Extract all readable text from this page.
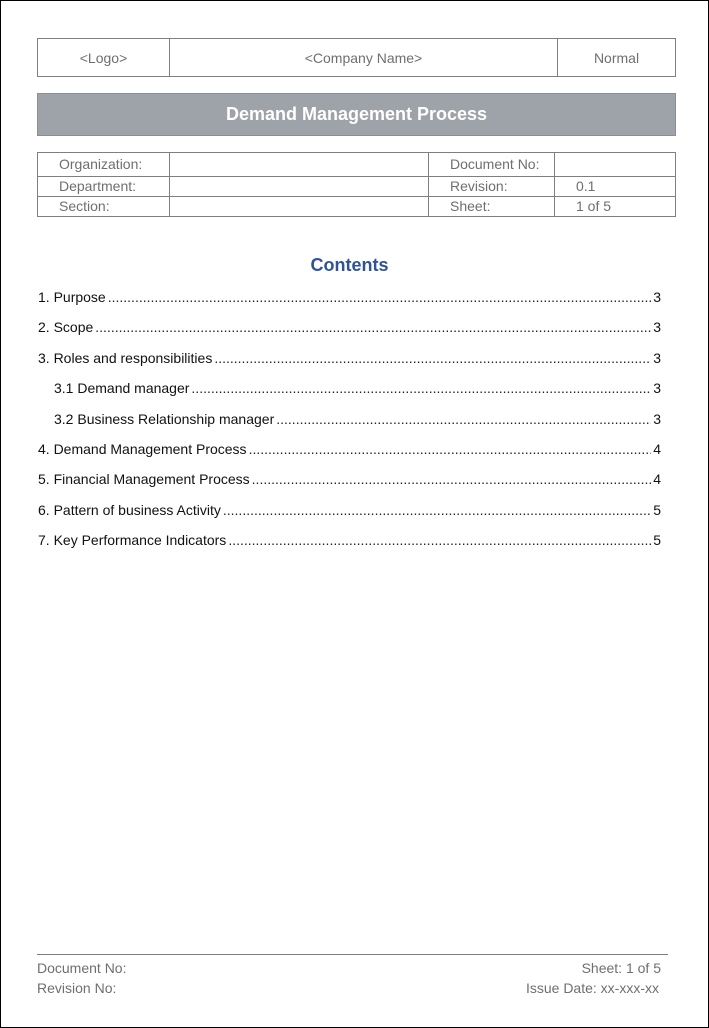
<Logo>	<Company Name>	Normal
Demand Management Process
Organization:		Document No:	
Department:		Revision:	0.1
Section:		Sheet:	1 of 5
Contents
1. Purpose .....	3
2. Scope .....	3
3. Roles and responsibilities .....	3
3.1 Demand manager .....	3
3.2 Business Relationship manager .....	3
4. Demand Management Process .....	4
5. Financial Management Process .....	4
6. Pattern of business Activity .....	5
7. Key Performance Indicators .....	5
Document No:
Revision No:
Sheet: 1 of 5
Issue Date: xx-xxx-xx
